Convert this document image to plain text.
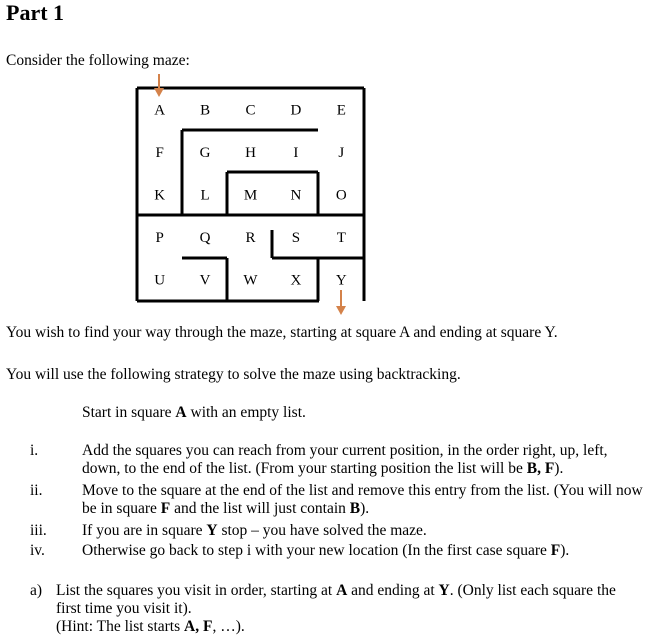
Part 1
Consider the following maze:
A B C D E
F G H I	J
K L M N O
P Q R S T
U V W X Y
You wish to find your way through the maze, starting at square A and ending at square Y.
You will use the following strategy to solve the maze using backtracking.
Start in square A with an empty list.
i.	Add the squares you can reach from your current position, in the order right, up, left, down, to the end of the list. (From your starting position the list will be B, F).
ii.	Move to the square at the end of the list and remove this entry from the list. (You will now be in square F and the list will just contain B).
iii. If you are in square Y stop – you have solved the maze.
iv. Otherwise go back to step i with your new location (In the first case square F).
a) List the squares you visit in order, starting at A and ending at Y. (Only list each square the first time you visit it).
(Hint: The list starts A, F, …).
